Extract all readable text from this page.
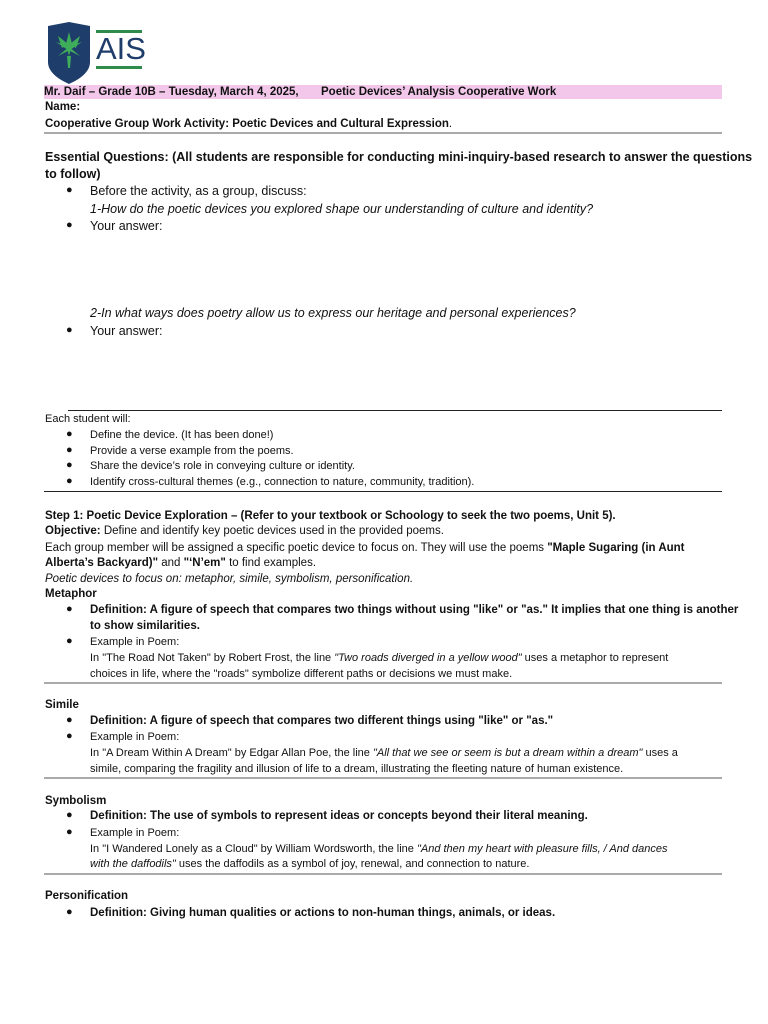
AIS
Mr. Daif – Grade 10B – Tuesday, March 4, 2025, Poetic Devices’ Analysis Cooperative Work
Name:
Cooperative Group Work Activity: Poetic Devices and Cultural Expression.
Essential Questions: (All students are responsible for conducting mini-inquiry-based research to answer the questions
to follow)
● Before the activity, as a group, discuss:
1-How do the poetic devices you explored shape our understanding of culture and identity?
● Your answer:
2-In what ways does poetry allow us to express our heritage and personal experiences?
● Your answer:
Each student will:
● Define the device. (It has been done!)
● Provide a verse example from the poems.
● Share the device’s role in conveying culture or identity.
● Identify cross-cultural themes (e.g., connection to nature, community, tradition).
Step 1: Poetic Device Exploration – (Refer to your textbook or Schoology to seek the two poems, Unit 5).
Objective: Define and identify key poetic devices used in the provided poems.
Each group member will be assigned a specific poetic device to focus on. They will use the poems "Maple Sugaring (in Aunt
Alberta’s Backyard)" and "‘N’em" to find examples.
Poetic devices to focus on: metaphor, simile, symbolism, personification.
Metaphor
● Definition: A figure of speech that compares two things without using "like" or "as." It implies that one thing is another
to show similarities.
● Example in Poem:
In "The Road Not Taken" by Robert Frost, the line "Two roads diverged in a yellow wood" uses a metaphor to represent
choices in life, where the "roads" symbolize different paths or decisions we must make.
Simile
● Definition: A figure of speech that compares two different things using "like" or "as."
● Example in Poem:
In "A Dream Within A Dream" by Edgar Allan Poe, the line "All that we see or seem is but a dream within a dream" uses a
simile, comparing the fragility and illusion of life to a dream, illustrating the fleeting nature of human existence.
Symbolism
● Definition: The use of symbols to represent ideas or concepts beyond their literal meaning.
● Example in Poem:
In "I Wandered Lonely as a Cloud" by William Wordsworth, the line "And then my heart with pleasure fills, / And dances
with the daffodils" uses the daffodils as a symbol of joy, renewal, and connection to nature.
Personification
● Definition: Giving human qualities or actions to non-human things, animals, or ideas.
